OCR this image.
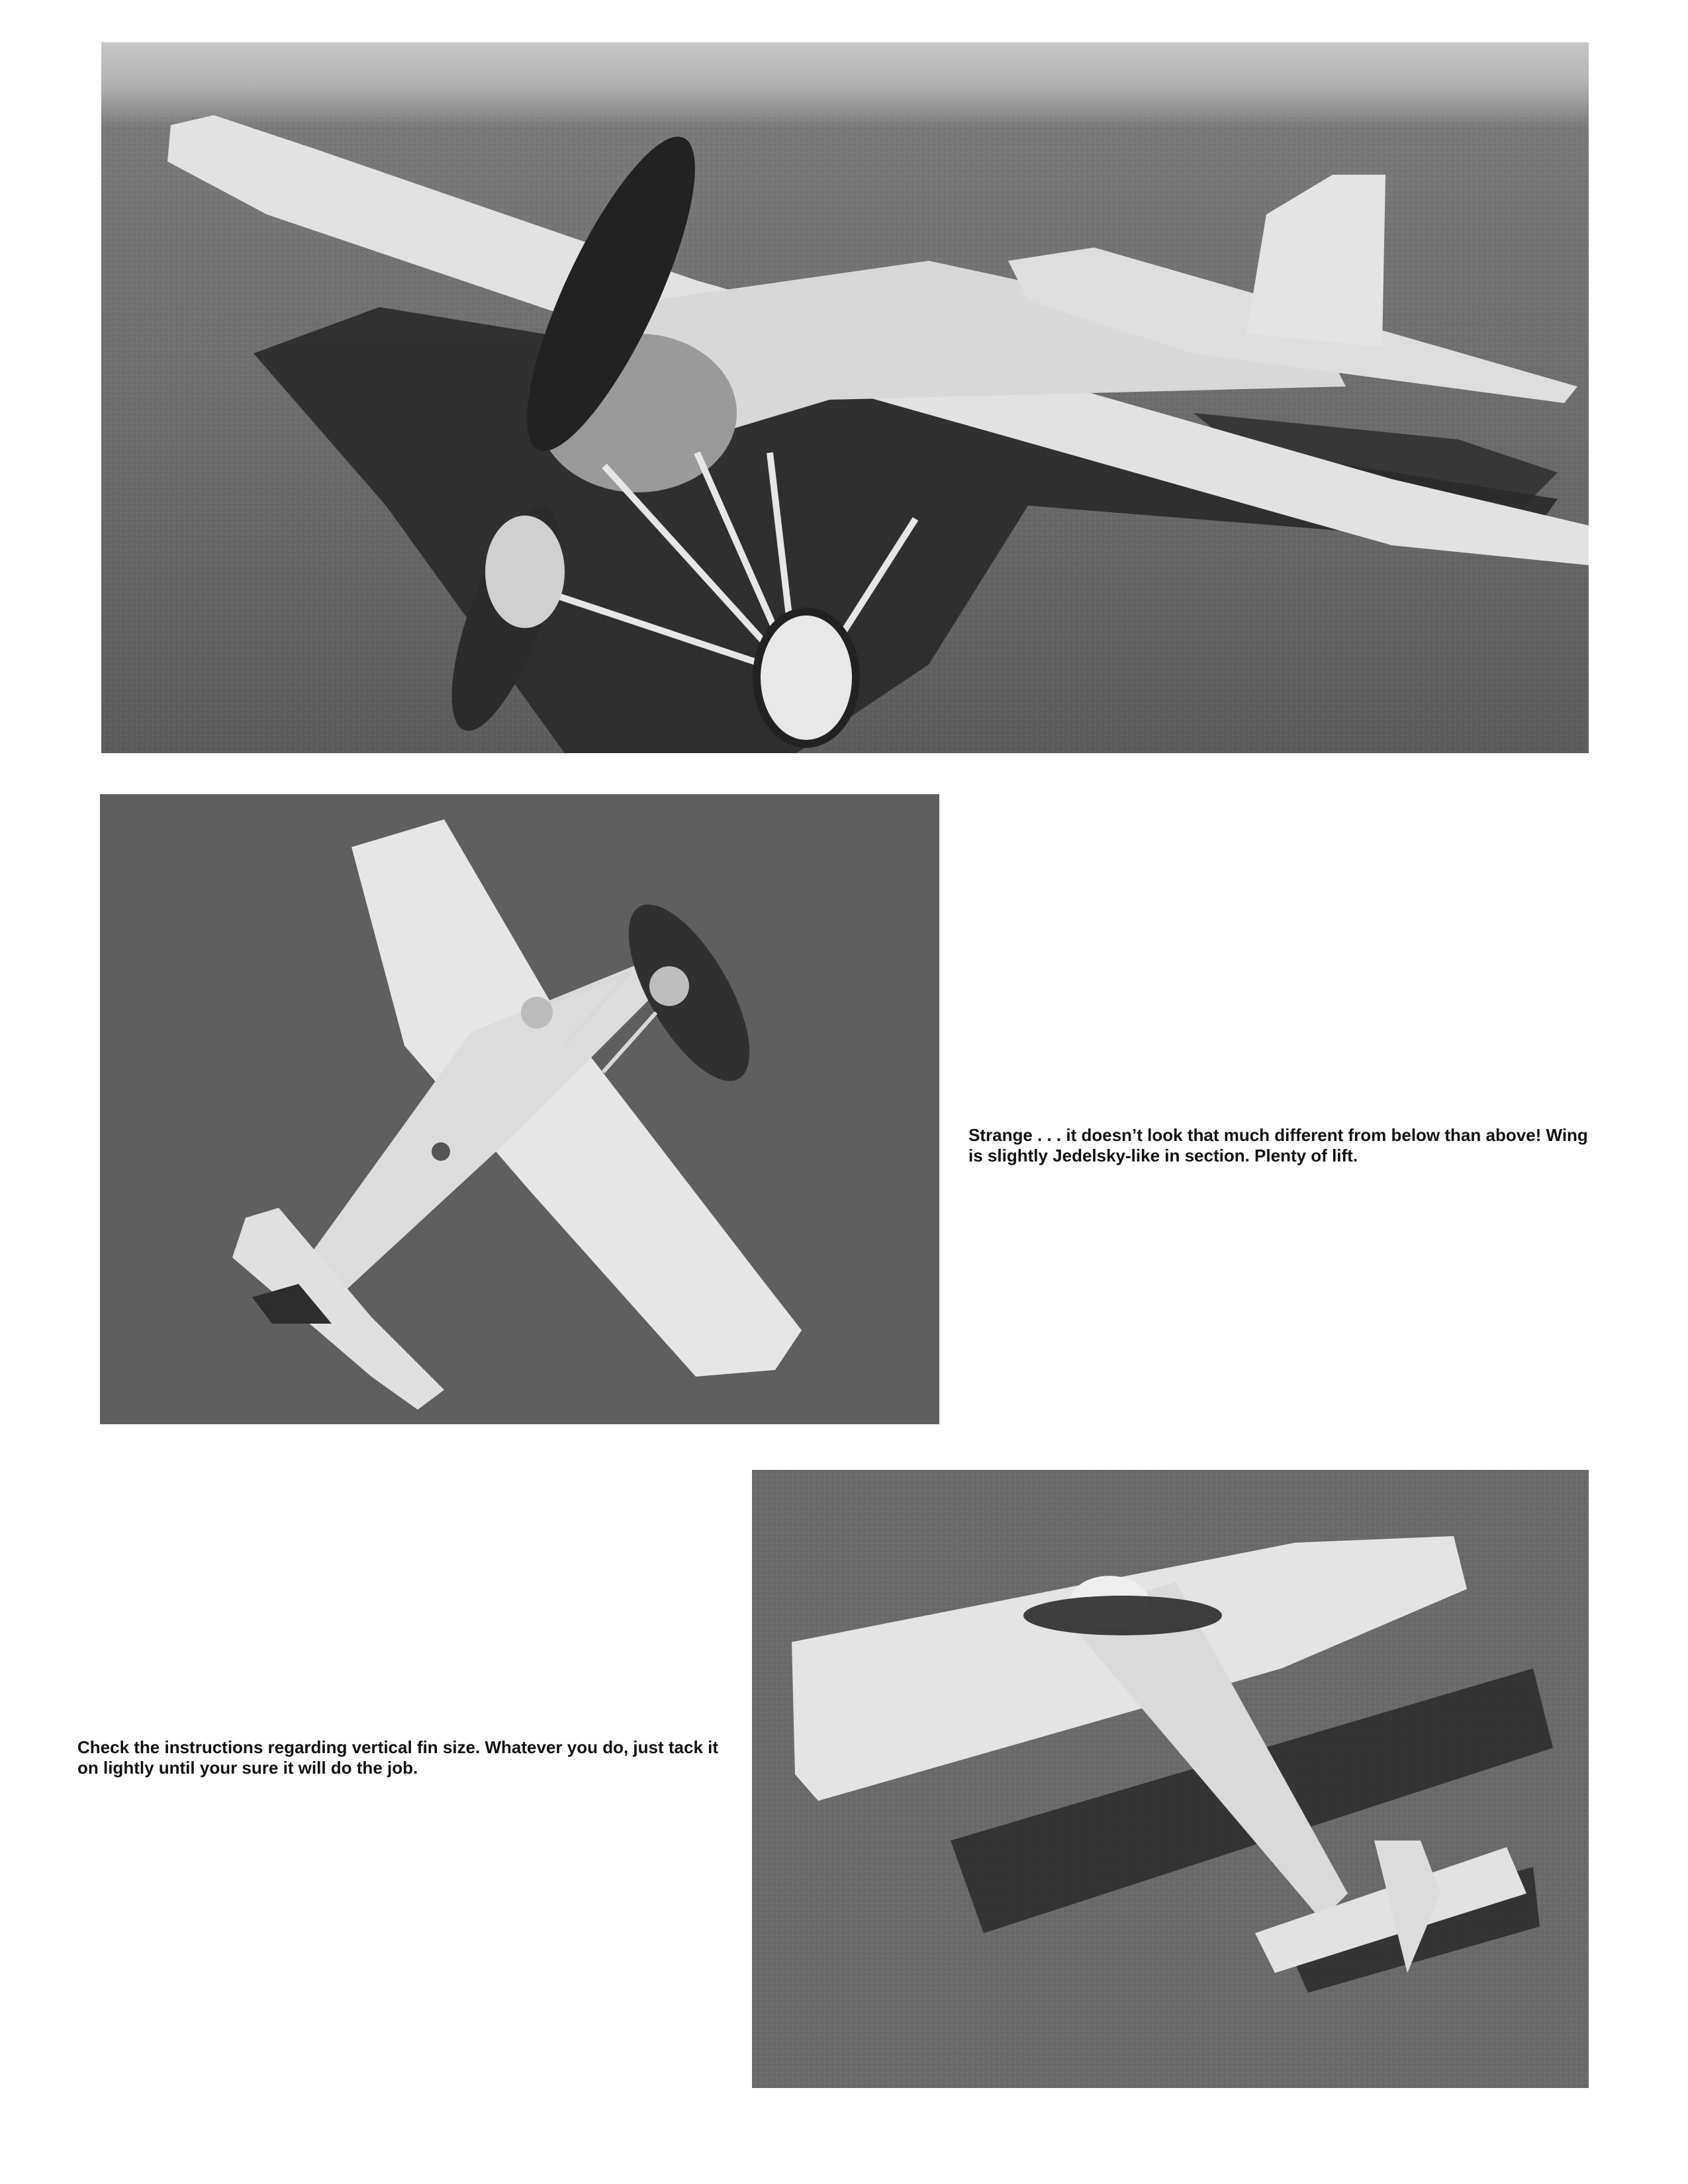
Strange . . . it doesn’t look that much different from below than above! Wing is slightly Jedelsky-like in section. Plenty of lift.
Check the instructions regarding vertical fin size. Whatever you do, just tack it on lightly until your sure it will do the job.
